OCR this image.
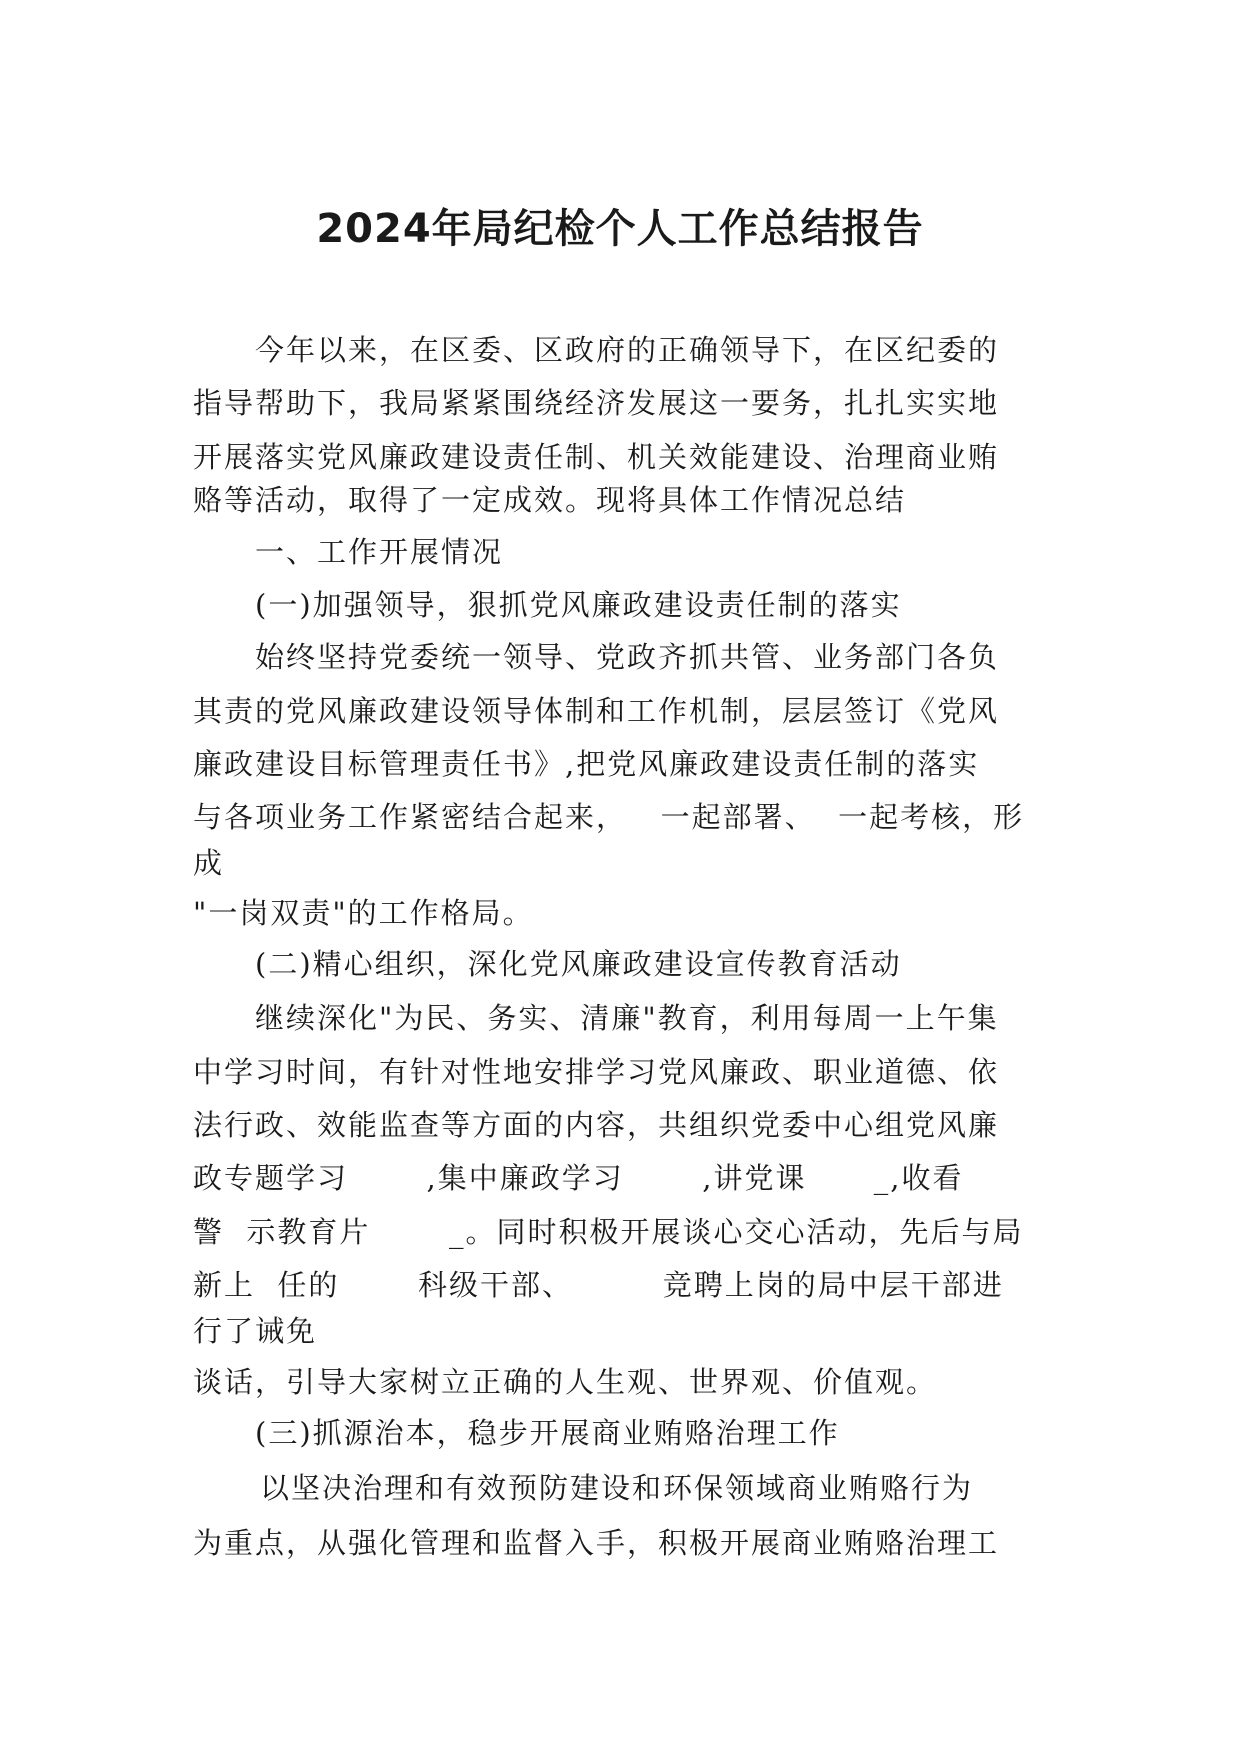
2024年局纪检个人工作总结报告
今年以来，在区委、区政府的正确领导下，在区纪委的
指导帮助下，我局紧紧围绕经济发展这一要务，扎扎实实地
开展落实党风廉政建设责任制、机关效能建设、治理商业贿
赂等活动，取得了一定成效。现将具体工作情况总结
一、工作开展情况
(一)加强领导，狠抓党风廉政建设责任制的落实
始终坚持党委统一领导、党政齐抓共管、业务部门各负
其责的党风廉政建设领导体制和工作机制，层层签订《党风
廉政建设目标管理责任书》,把党风廉政建设责任制的落实
与各项业务工作紧密结合起来，   一起部署、  一起考核，形
成
"一岗双责"的工作格局。
(二)精心组织，深化党风廉政建设宣传教育活动
继续深化"为民、务实、清廉"教育，利用每周一上午集
中学习时间，有针对性地安排学习党风廉政、职业道德、依
法行政、效能监查等方面的内容，共组织党委中心组党风廉
政专题学习       ,集中廉政学习       ,讲党课      _,收看
警  示教育片       _。同时积极开展谈心交心活动，先后与局
新上  任的       科级干部、        竞聘上岗的局中层干部进
行了诫免
谈话，引导大家树立正确的人生观、世界观、价值观。
(三)抓源治本，稳步开展商业贿赂治理工作
以坚决治理和有效预防建设和环保领域商业贿赂行为
为重点，从强化管理和监督入手，积极开展商业贿赂治理工
